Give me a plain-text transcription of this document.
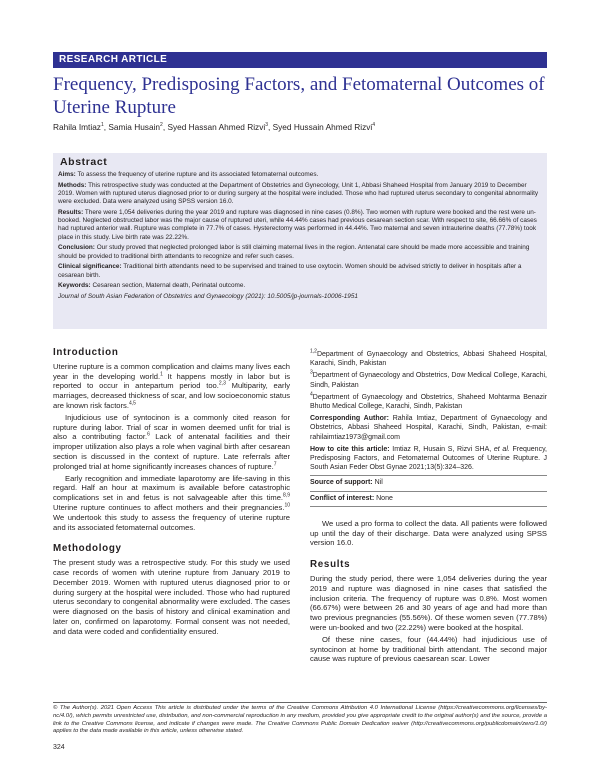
RESEARCH ARTICLE
Frequency, Predisposing Factors, and Fetomaternal Outcomes of Uterine Rupture
Rahila Imtiaz$^1$, Samia Husain$^2$, Syed Hassan Ahmed Rizvi$^3$, Syed Hussain Ahmed Rizvi$^4$
Abstract

Aims: To assess the frequency of uterine rupture and its associated fetomaternal outcomes.

Methods: This retrospective study was conducted at the Department of Obstetrics and Gynecology, Unit 1, Abbasi Shaheed Hospital from January 2019 to December 2019. Women with ruptured uterus diagnosed prior to or during surgery at the hospital were included. Those who had ruptured uterus secondary to congenital abnormality were excluded. Data were analyzed using SPSS version 16.0.

Results: There were 1,054 deliveries during the year 2019 and rupture was diagnosed in nine cases (0.8%). Two women with rupture were booked and the rest were un-booked. Neglected obstructed labor was the major cause of ruptured uteri, while 44.44% cases had previous cesarean section scar. With respect to site, 66.66% of cases had ruptured anterior wall. Rupture was complete in 77.7% of cases. Hysterectomy was performed in 44.44%. Two maternal and seven intrauterine deaths (77.78%) took place in this study. Live birth rate was 22.22%.

Conclusion: Our study proved that neglected prolonged labor is still claiming maternal lives in the region. Antenatal care should be made more accessible and training should be provided to traditional birth attendants to recognize and refer such cases.

Clinical significance: Traditional birth attendants need to be supervised and trained to use oxytocin. Women should be advised strictly to deliver in hospitals after a cesarean birth.

Keywords: Cesarean section, Maternal death, Perinatal outcome.

Journal of South Asian Federation of Obstetrics and Gynaecology (2021): 10.5005/jp-journals-10006-1951

Introduction

Uterine rupture is a common complication and claims many lives each year in the developing world.$^1$ It happens mostly in labor but is reported to occur in antepartum period too.$^{2,3}$ Multiparity, early marriages, decreased thickness of scar, and low socioeconomic status are known risk factors.$^{4,5}$

Injudicious use of syntocinon is a commonly cited reason for rupture during labor. Trial of scar in women deemed unfit for trial is also a contributing factor.$^6$ Lack of antenatal facilities and their improper utilization also plays a role when vaginal birth after cesarean section is discussed in the context of rupture. Late referrals after prolonged trial at home significantly increases chances of rupture.$^7$

Early recognition and immediate laparotomy are life-saving in this regard. Half an hour at maximum is available before catastrophic complications set in and fetus is not salvageable after this time.$^{8,9}$ Uterine rupture continues to affect mothers and their pregnancies.$^{10}$ We undertook this study to assess the frequency of uterine rupture and its associated fetomaternal outcomes.

Methodology

The present study was a retrospective study. For this study we used case records of women with uterine rupture from January 2019 to December 2019. Women with ruptured uterus diagnosed prior to or during surgery at the hospital were included. Those who had ruptured uterus secondary to congenital abnormality were excluded. The cases were diagnosed on the basis of history and clinical examination and later on, confirmed on laparotomy. Formal consent was not needed, and data were coded and confidentiality ensured.

$^{1,2}$Department of Gynaecology and Obstetrics, Abbasi Shaheed Hospital, Karachi, Sindh, Pakistan

$^3$Department of Gynaecology and Obstetrics, Dow Medical College, Karachi, Sindh, Pakistan

$^4$Department of Gynaecology and Obstetrics, Shaheed Mohtarma Benazir Bhutto Medical College, Karachi, Sindh, Pakistan

Corresponding Author: Rahila Imtiaz, Department of Gynaecology and Obstetrics, Abbasi Shaheed Hospital, Karachi, Sindh, Pakistan, e-mail: rahilaimtiaz1973@gmail.com

How to cite this article: Imtiaz R, Husain S, Rizvi SHA, et al. Frequency, Predisposing Factors, and Fetomaternal Outcomes of Uterine Rupture. J South Asian Feder Obst Gynae 2021;13(5):324–326.

Source of support: Nil

Conflict of interest: None

We used a pro forma to collect the data. All patients were followed up until the day of their discharge. Data were analyzed using SPSS version 16.0.

Results

During the study period, there were 1,054 deliveries during the year 2019 and rupture was diagnosed in nine cases that satisfied the inclusion criteria. The frequency of rupture was 0.8%. Most women (66.67%) were between 26 and 30 years of age and had more than two previous pregnancies (55.56%). Of these women seven (77.78%) were un-booked and two (22.22%) were booked at the hospital.

Of these nine cases, four (44.44%) had injudicious use of syntocinon at home by traditional birth attendant. The second major cause was rupture of previous caesarean scar. Lower

© The Author(s). 2021 Open Access This article is distributed under the terms of the Creative Commons Attribution 4.0 International License (https://creativecommons.org/licenses/by-nc/4.0/), which permits unrestricted use, distribution, and non-commercial reproduction in any medium, provided you give appropriate credit to the original author(s) and the source, provide a link to the Creative Commons license, and indicate if changes were made. The Creative Commons Public Domain Dedication waiver (http://creativecommons.org/publicdomain/zero/1.0/) applies to the data made available in this article, unless otherwise stated.
324
